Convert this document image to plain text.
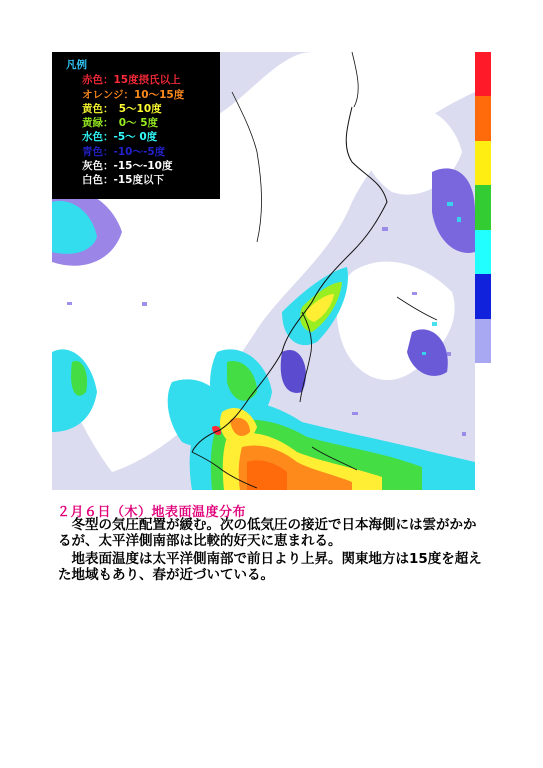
凡例
赤色：15度摂氏以上
オレンジ：10～15度
黄色：　5～10度
黄緑：　0～ 5度
水色：-5～ 0度
青色：-10～-5度
灰色：-15～-10度
白色：-15度以下
２月６日（木）地表面温度分布
　冬型の気圧配置が緩む。次の低気圧の接近で日本海側には雲がかかるが、太平洋側南部は比較的好天に恵まれる。
　地表面温度は太平洋側南部で前日より上昇。関東地方は15度を超えた地域もあり、春が近づいている。
